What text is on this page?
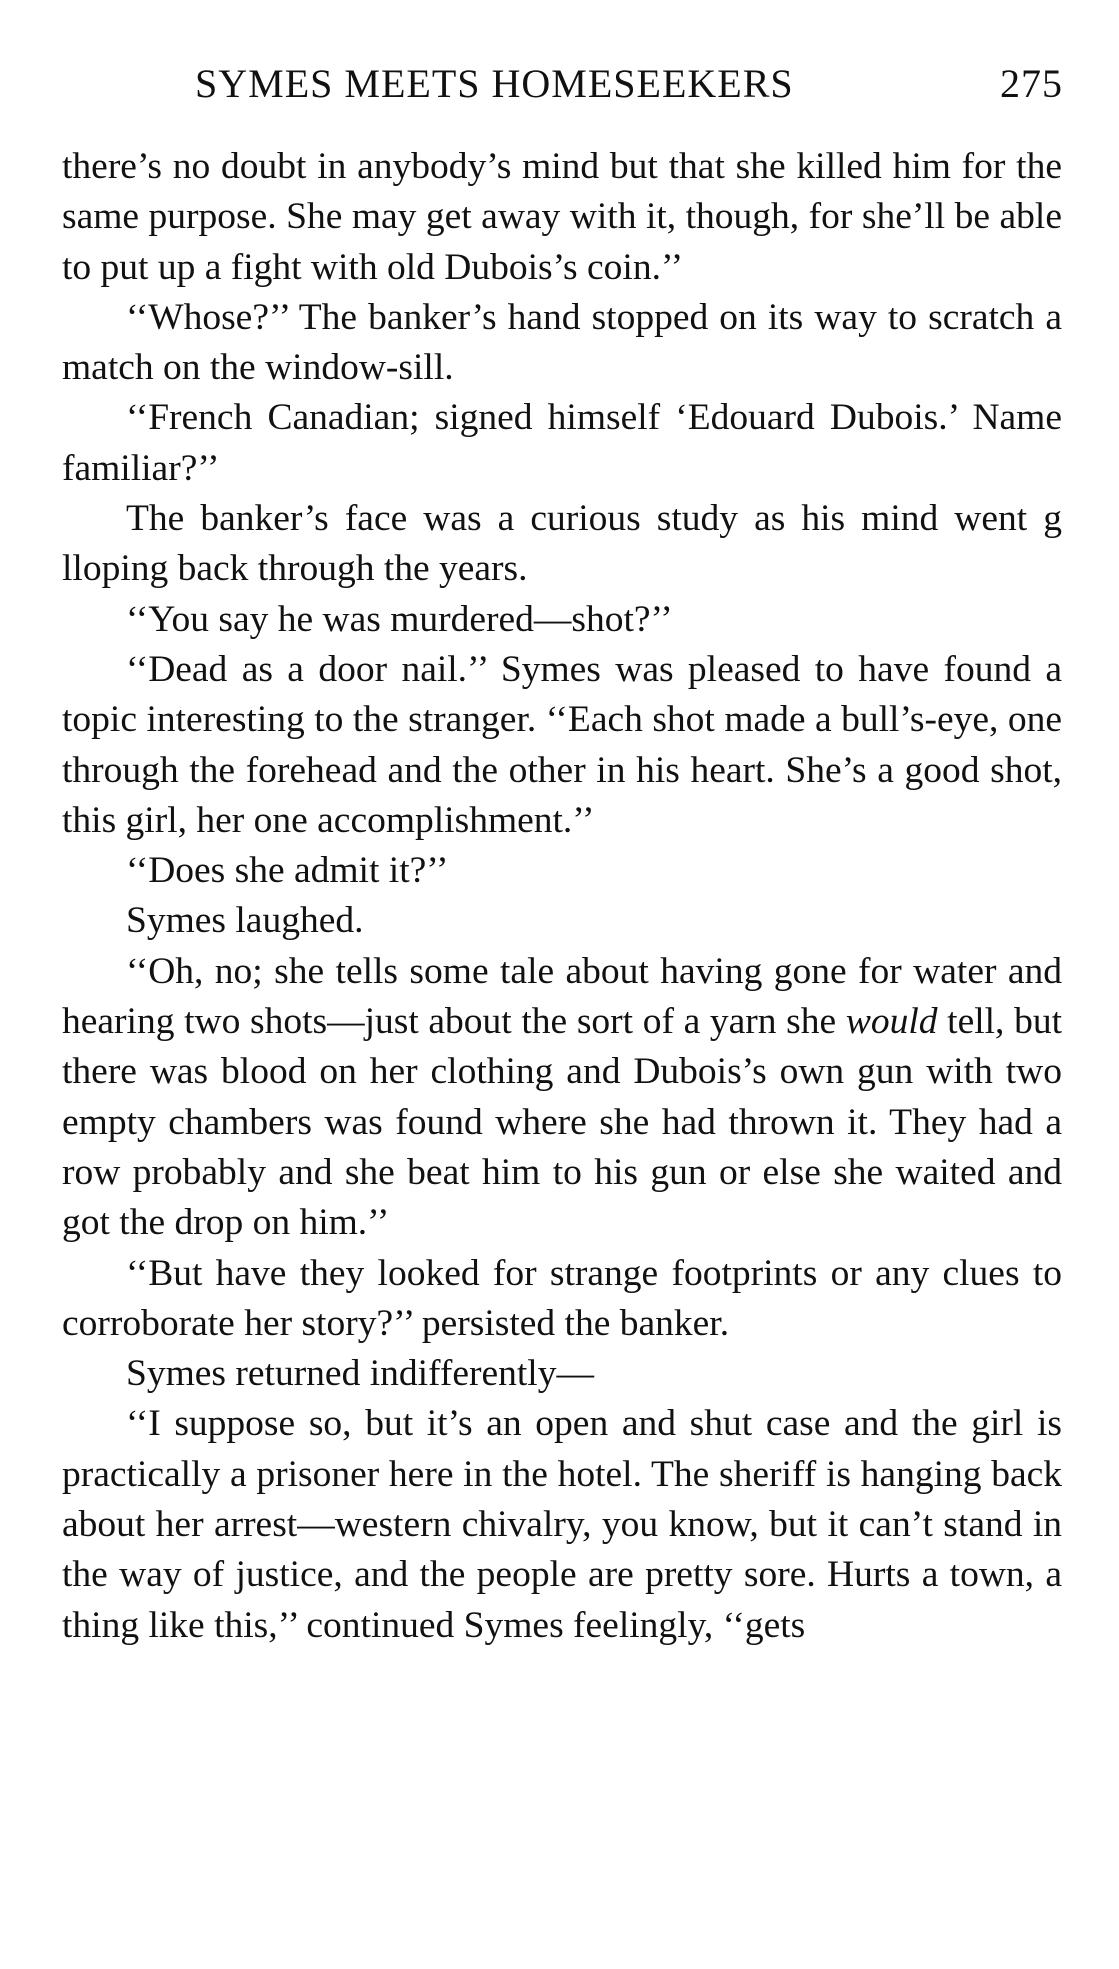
SYMES MEETS HOMESEEKERS	275

there’s no doubt in anybody’s mind but that she killed him for the same purpose. She may get away with it, though, for she’ll be able to put up a fight with old Dubois’s coin.’’

‘‘Whose?’’ The banker’s hand stopped on its way to scratch a match on the window-sill.

‘‘French Canadian; signed himself ‘Edouard Dubois.’ Name familiar?’’

The banker’s face was a curious study as his mind went g lloping back through the years.

‘‘You say he was murdered—shot?’’

‘‘Dead as a door nail.’’ Symes was pleased to have found a topic interesting to the stranger. ‘‘Each shot made a bull’s-eye, one through the forehead and the other in his heart. She’s a good shot, this girl, her one accomplishment.’’

‘‘Does she admit it?’’

Symes laughed.

‘‘Oh, no; she tells some tale about having gone for water and hearing two shots—just about the sort of a yarn she would tell, but there was blood on her clothing and Dubois’s own gun with two empty chambers was found where she had thrown it. They had a row probably and she beat him to his gun or else she waited and got the drop on him.’’

‘‘But have they looked for strange footprints or any clues to corroborate her story?’’ persisted the banker.

Symes returned indifferently—

‘‘I suppose so, but it’s an open and shut case and the girl is practically a prisoner here in the hotel. The sheriff is hanging back about her arrest—western chivalry, you know, but it can’t stand in the way of justice, and the people are pretty sore. Hurts a town, a thing like this,’’ continued Symes feelingly, ‘‘gets
